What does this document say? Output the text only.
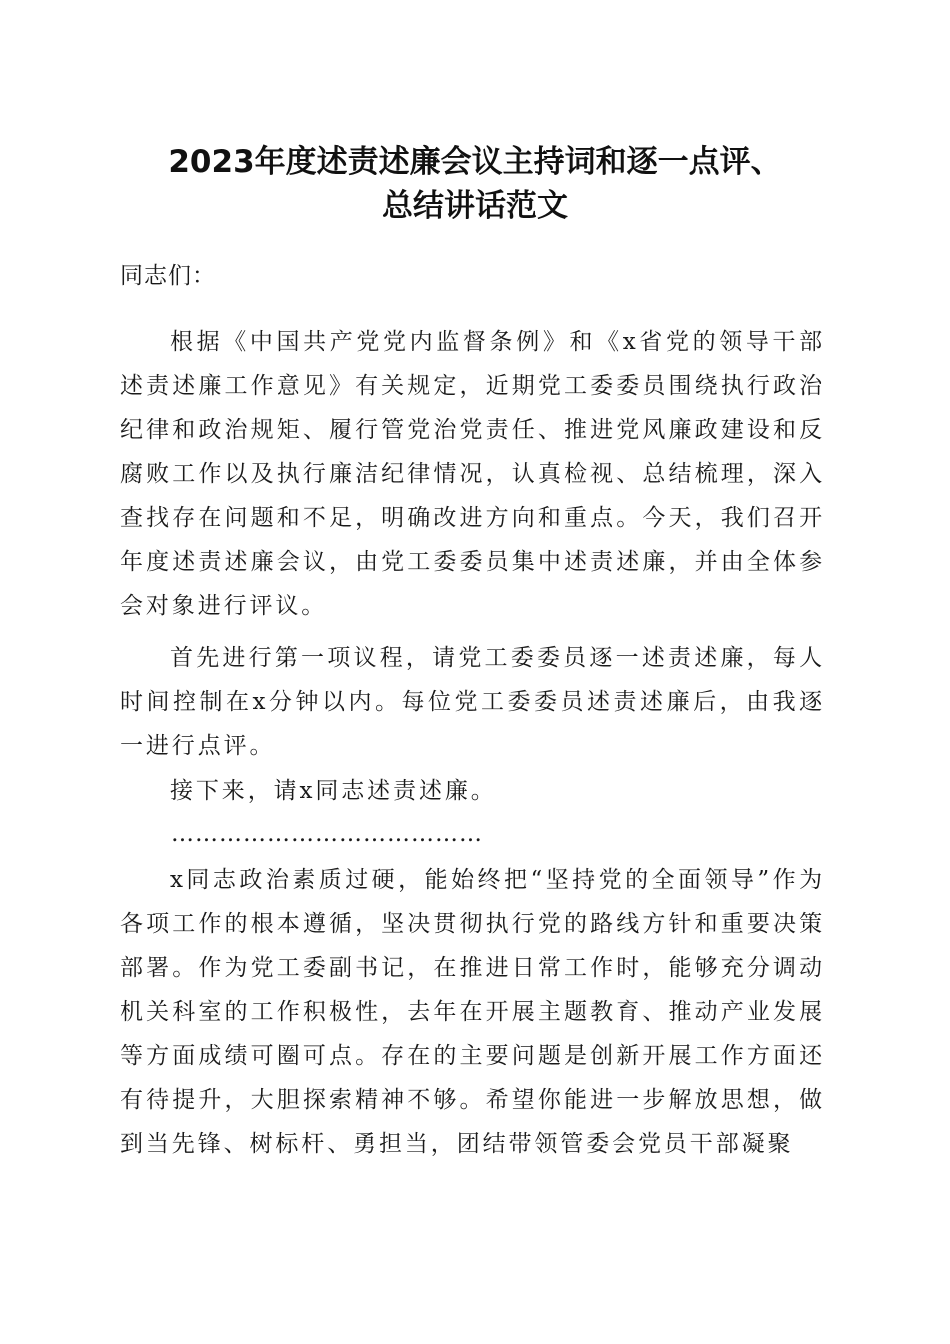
2023年度述责述廉会议主持词和逐一点评、
总结讲话范文
同志们：
根据《中国共产党党内监督条例》和《x省党的领导干部述责述廉工作意见》有关规定，近期党工委委员围绕执行政治纪律和政治规矩、履行管党治党责任、推进党风廉政建设和反腐败工作以及执行廉洁纪律情况，认真检视、总结梳理，深入查找存在问题和不足，明确改进方向和重点。今天，我们召开年度述责述廉会议，由党工委委员集中述责述廉，并由全体参会对象进行评议。
首先进行第一项议程，请党工委委员逐一述责述廉，每人时间控制在x分钟以内。每位党工委委员述责述廉后，由我逐一进行点评。
接下来，请x同志述责述廉。
…………………………………
x同志政治素质过硬，能始终把“坚持党的全面领导”作为各项工作的根本遵循，坚决贯彻执行党的路线方针和重要决策部署。作为党工委副书记，在推进日常工作时，能够充分调动机关科室的工作积极性，去年在开展主题教育、推动产业发展等方面成绩可圈可点。存在的主要问题是创新开展工作方面还有待提升，大胆探索精神不够。希望你能进一步解放思想，做到当先锋、树标杆、勇担当，团结带领管委会党员干部凝聚
